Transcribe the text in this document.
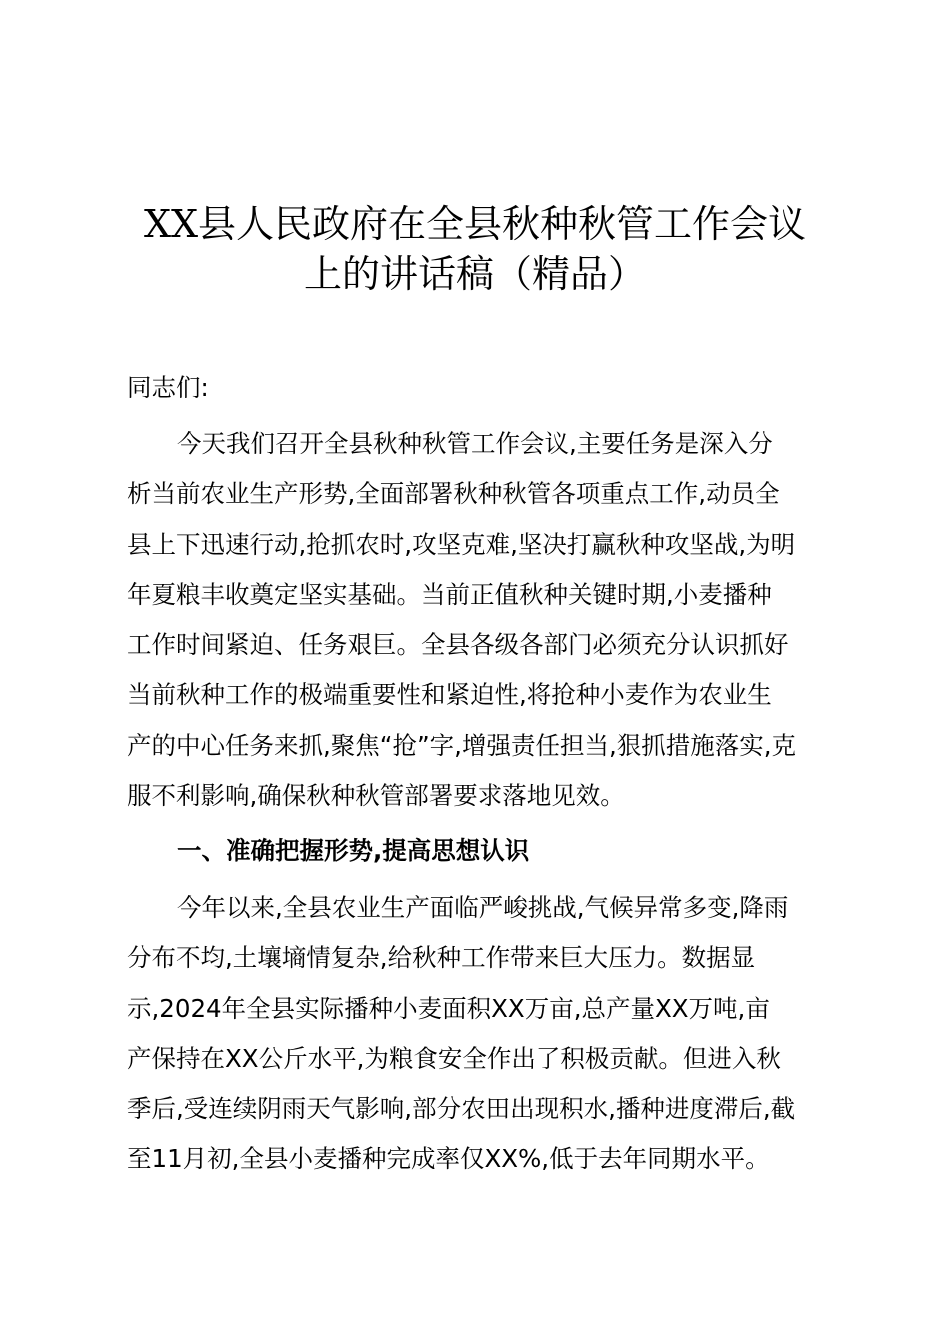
XX县人民政府在全县秋种秋管工作会议
上的讲话稿（精品）

同志们:

今天我们召开全县秋种秋管工作会议,主要任务是深入分
析当前农业生产形势,全面部署秋种秋管各项重点工作,动员全
县上下迅速行动,抢抓农时,攻坚克难,坚决打赢秋种攻坚战,为明
年夏粮丰收奠定坚实基础。当前正值秋种关键时期,小麦播种
工作时间紧迫、任务艰巨。全县各级各部门必须充分认识抓好
当前秋种工作的极端重要性和紧迫性,将抢种小麦作为农业生
产的中心任务来抓,聚焦“抢”字,增强责任担当,狠抓措施落实,克
服不利影响,确保秋种秋管部署要求落地见效。

一、准确把握形势,提高思想认识

今年以来,全县农业生产面临严峻挑战,气候异常多变,降雨
分布不均,土壤墒情复杂,给秋种工作带来巨大压力。数据显
示,2024年全县实际播种小麦面积XX万亩,总产量XX万吨,亩
产保持在XX公斤水平,为粮食安全作出了积极贡献。但进入秋
季后,受连续阴雨天气影响,部分农田出现积水,播种进度滞后,截
至11月初,全县小麦播种完成率仅XX%,低于去年同期水平。
